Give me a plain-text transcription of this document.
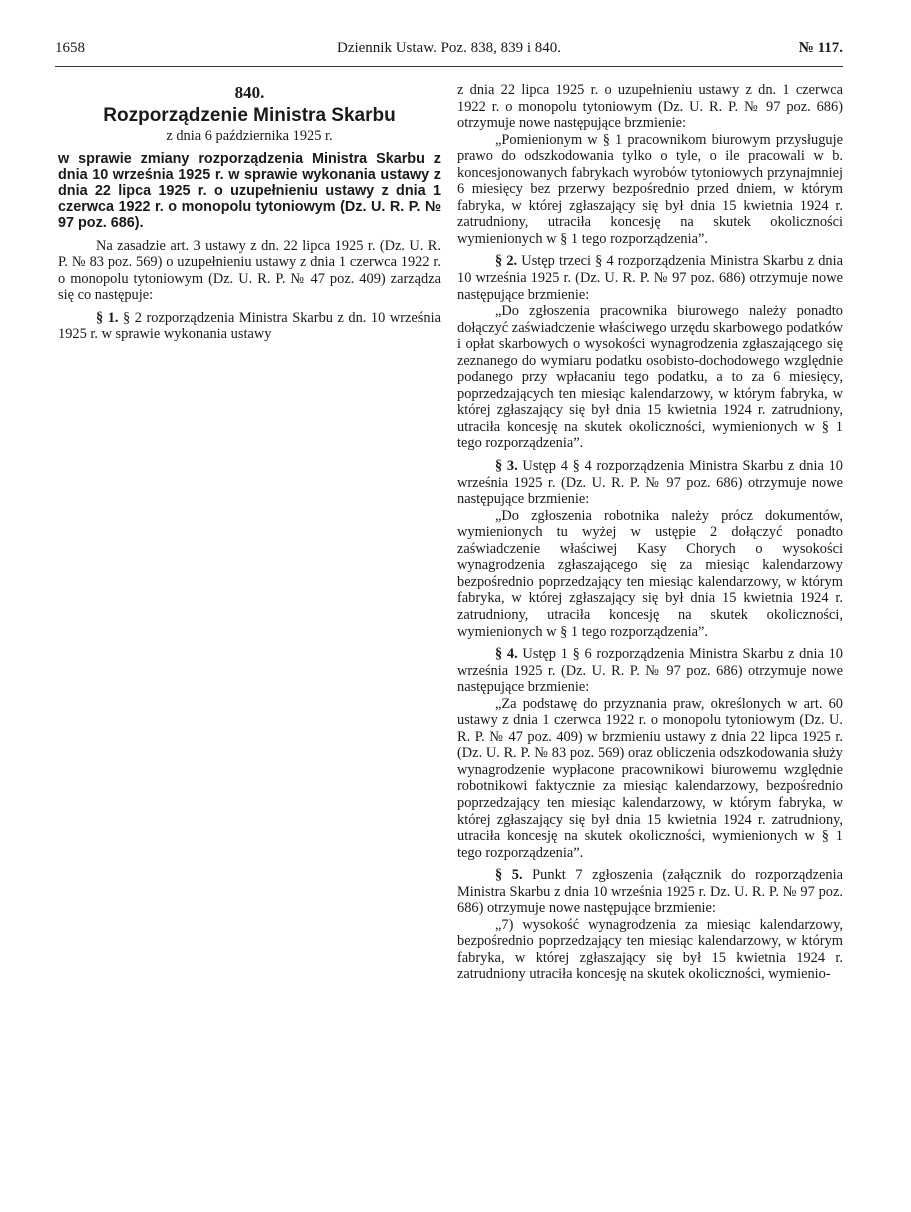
1658	Dziennik Ustaw. Poz. 838, 839 i 840.	№ 117.

840.

Rozporządzenie Ministra Skarbu

z dnia 6 października 1925 r.

w sprawie zmiany rozporządzenia Ministra Skarbu z dnia 10 września 1925 r. w sprawie wykonania ustawy z dnia 22 lipca 1925 r. o uzupełnieniu ustawy z dnia 1 czerwca 1922 r. o monopolu tytoniowym (Dz. U. R. P. № 97 poz. 686).

Na zasadzie art. 3 ustawy z dn. 22 lipca 1925 r. (Dz. U. R. P. № 83 poz. 569) o uzupełnieniu ustawy z dnia 1 czerwca 1922 r. o monopolu tytoniowym (Dz. U. R. P. № 47 poz. 409) zarządza się co następuje:

§ 1. § 2 rozporządzenia Ministra Skarbu z dn. 10 września 1925 r. w sprawie wykonania ustawy

z dnia 22 lipca 1925 r. o uzupełnieniu ustawy z dn. 1 czerwca 1922 r. o monopolu tytoniowym (Dz. U. R. P. № 97 poz. 686) otrzymuje nowe następujące brzmienie:

„Pomienionym w § 1 pracownikom biurowym przysługuje prawo do odszkodowania tylko o tyle, o ile pracowali w b. koncesjonowanych fabrykach wyrobów tytoniowych przynajmniej 6 miesięcy bez przerwy bezpośrednio przed dniem, w którym fabryka, w której zgłaszający się był dnia 15 kwietnia 1924 r. zatrudniony, utraciła koncesję na skutek okoliczności wymienionych w § 1 tego rozporządzenia”.

§ 2. Ustęp trzeci § 4 rozporządzenia Ministra Skarbu z dnia 10 września 1925 r. (Dz. U. R. P. № 97 poz. 686) otrzymuje nowe następujące brzmienie:

„Do zgłoszenia pracownika biurowego należy ponadto dołączyć zaświadczenie właściwego urzędu skarbowego podatków i opłat skarbowych o wysokości wynagrodzenia zgłaszającego się zeznanego do wymiaru podatku osobisto-dochodowego względnie podanego przy wpłacaniu tego podatku, a to za 6 miesięcy, poprzedzających ten miesiąc kalendarzowy, w którym fabryka, w której zgłaszający się był dnia 15 kwietnia 1924 r. zatrudniony, utraciła koncesję na skutek okoliczności, wymienionych w § 1 tego rozporządzenia”.

§ 3. Ustęp 4 § 4 rozporządzenia Ministra Skarbu z dnia 10 września 1925 r. (Dz. U. R. P. № 97 poz. 686) otrzymuje nowe następujące brzmienie:

„Do zgłoszenia robotnika należy prócz dokumentów, wymienionych tu wyżej w ustępie 2 dołączyć ponadto zaświadczenie właściwej Kasy Chorych o wysokości wynagrodzenia zgłaszającego się za miesiąc kalendarzowy bezpośrednio poprzedzający ten miesiąc kalendarzowy, w którym fabryka, w której zgłaszający się był dnia 15 kwietnia 1924 r. zatrudniony, utraciła koncesję na skutek okoliczności, wymienionych w § 1 tego rozporządzenia”.

§ 4. Ustęp 1 § 6 rozporządzenia Ministra Skarbu z dnia 10 września 1925 r. (Dz. U. R. P. № 97 poz. 686) otrzymuje nowe następujące brzmienie:

„Za podstawę do przyznania praw, określonych w art. 60 ustawy z dnia 1 czerwca 1922 r. o monopolu tytoniowym (Dz. U. R. P. № 47 poz. 409) w brzmieniu ustawy z dnia 22 lipca 1925 r. (Dz. U. R. P. № 83 poz. 569) oraz obliczenia odszkodowania służy wynagrodzenie wypłacone pracownikowi biurowemu względnie robotnikowi faktycznie za miesiąc kalendarzowy, bezpośrednio poprzedzający ten miesiąc kalendarzowy, w którym fabryka, w której zgłaszający się był dnia 15 kwietnia 1924 r. zatrudniony, utraciła koncesję na skutek okoliczności, wymienionych w § 1 tego rozporządzenia”.

§ 5. Punkt 7 zgłoszenia (załącznik do rozporządzenia Ministra Skarbu z dnia 10 września 1925 r. Dz. U. R. P. № 97 poz. 686) otrzymuje nowe następujące brzmienie:

„7) wysokość wynagrodzenia za miesiąc kalendarzowy, bezpośrednio poprzedzający ten miesiąc kalendarzowy, w którym fabryka, w której zgłaszający się był 15 kwietnia 1924 r. zatrudniony utraciła koncesję na skutek okoliczności, wymienio-
